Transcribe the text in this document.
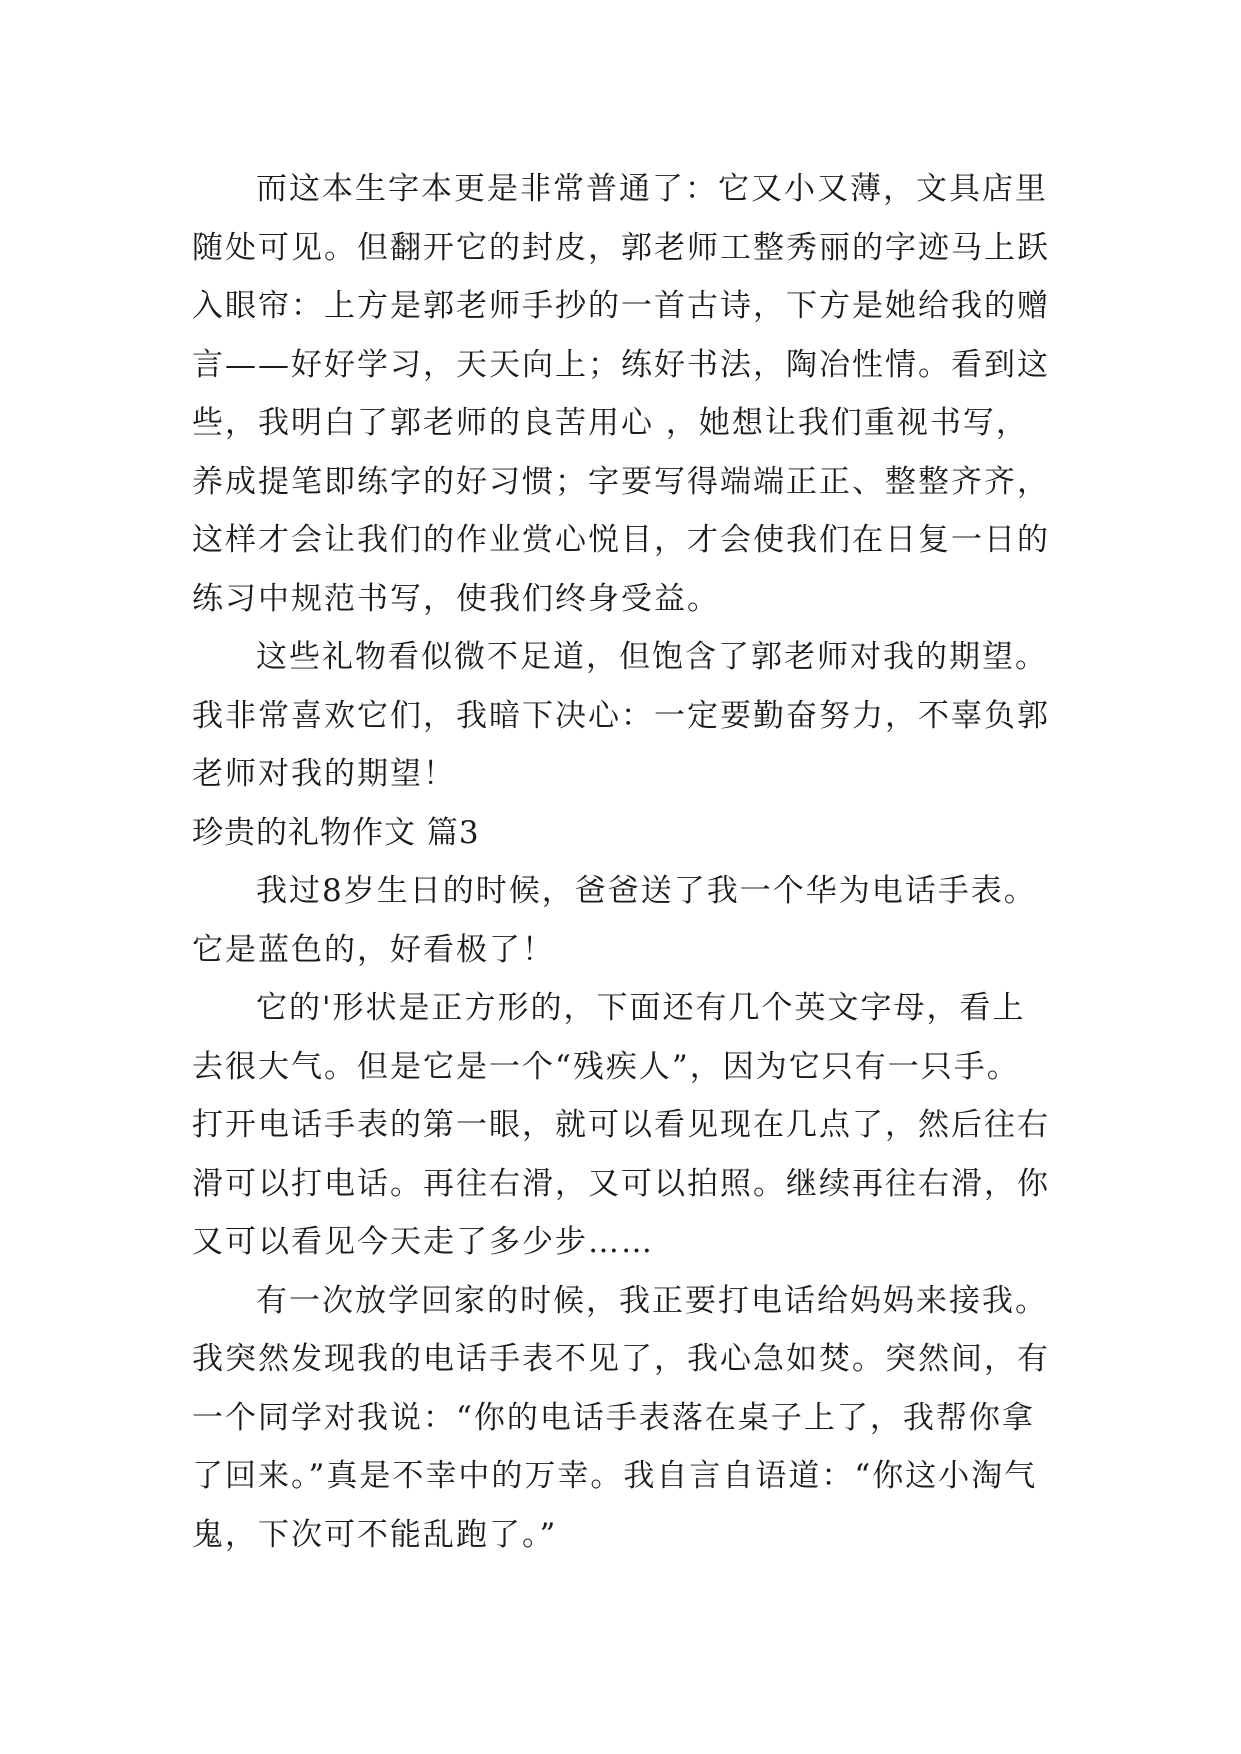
而这本生字本更是非常普通了：它又小又薄，文具店里
随处可见。但翻开它的封皮，郭老师工整秀丽的字迹马上跃
入眼帘：上方是郭老师手抄的一首古诗，下方是她给我的赠
言——好好学习，天天向上；练好书法，陶冶性情。看到这
些，我明白了郭老师的良苦用心 ，她想让我们重视书写，
养成提笔即练字的好习惯；字要写得端端正正、整整齐齐，
这样才会让我们的作业赏心悦目，才会使我们在日复一日的
练习中规范书写，使我们终身受益。
这些礼物看似微不足道，但饱含了郭老师对我的期望。
我非常喜欢它们，我暗下决心：一定要勤奋努力，不辜负郭
老师对我的期望！
珍贵的礼物作文 篇3
我过8岁生日的时候，爸爸送了我一个华为电话手表。
它是蓝色的，好看极了！
它的'形状是正方形的，下面还有几个英文字母，看上
去很大气。但是它是一个“残疾人”，因为它只有一只手。
打开电话手表的第一眼，就可以看见现在几点了，然后往右
滑可以打电话。再往右滑，又可以拍照。继续再往右滑，你
又可以看见今天走了多少步……
有一次放学回家的时候，我正要打电话给妈妈来接我。
我突然发现我的电话手表不见了，我心急如焚。突然间，有
一个同学对我说：“你的电话手表落在桌子上了，我帮你拿
了回来。”真是不幸中的万幸。我自言自语道：“你这小淘气
鬼，下次可不能乱跑了。”
